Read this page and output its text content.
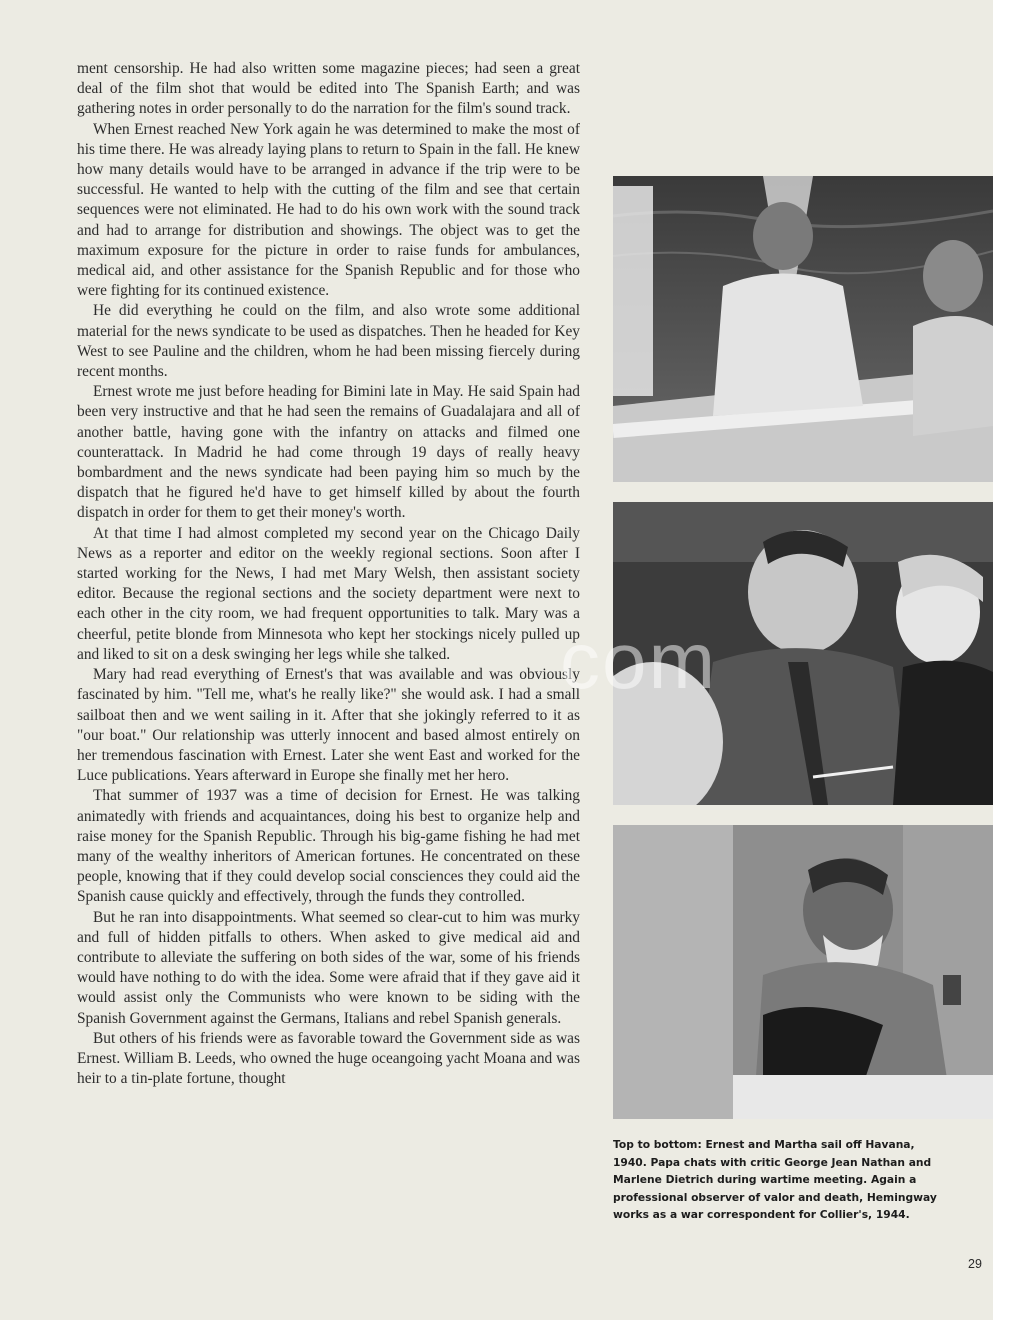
ment censorship. He had also written some magazine pieces; had seen a great deal of the film shot that would be edited into The Spanish Earth; and was gathering notes in order personally to do the narration for the film's sound track.

When Ernest reached New York again he was determined to make the most of his time there. He was already laying plans to return to Spain in the fall. He knew how many details would have to be arranged in advance if the trip were to be successful. He wanted to help with the cutting of the film and see that certain sequences were not eliminated. He had to do his own work with the sound track and had to arrange for distribution and showings. The object was to get the maximum exposure for the picture in order to raise funds for ambulances, medical aid, and other assistance for the Spanish Republic and for those who were fighting for its continued existence.

He did everything he could on the film, and also wrote some additional material for the news syndicate to be used as dispatches. Then he headed for Key West to see Pauline and the children, whom he had been missing fiercely during recent months.

Ernest wrote me just before heading for Bimini late in May. He said Spain had been very instructive and that he had seen the remains of Guadalajara and all of another battle, having gone with the infantry on attacks and filmed one counterattack. In Madrid he had come through 19 days of really heavy bombardment and the news syndicate had been paying him so much by the dispatch that he figured he'd have to get himself killed by about the fourth dispatch in order for them to get their money's worth.

At that time I had almost completed my second year on the Chicago Daily News as a reporter and editor on the weekly regional sections. Soon after I started working for the News, I had met Mary Welsh, then assistant society editor. Because the regional sections and the society department were next to each other in the city room, we had frequent opportunities to talk. Mary was a cheerful, petite blonde from Minnesota who kept her stockings nicely pulled up and liked to sit on a desk swinging her legs while she talked.

Mary had read everything of Ernest's that was available and was obviously fascinated by him. "Tell me, what's he really like?" she would ask. I had a small sailboat then and we went sailing in it. After that she jokingly referred to it as "our boat." Our relationship was utterly innocent and based almost entirely on her tremendous fascination with Ernest. Later she went East and worked for the Luce publications. Years afterward in Europe she finally met her hero.

That summer of 1937 was a time of decision for Ernest. He was talking animatedly with friends and acquaintances, doing his best to organize help and raise money for the Spanish Republic. Through his big-game fishing he had met many of the wealthy inheritors of American fortunes. He concentrated on these people, knowing that if they could develop social consciences they could aid the Spanish cause quickly and effectively, through the funds they controlled.

But he ran into disappointments. What seemed so clear-cut to him was murky and full of hidden pitfalls to others. When asked to give medical aid and contribute to alleviate the suffering on both sides of the war, some of his friends would have nothing to do with the idea. Some were afraid that if they gave aid it would assist only the Communists who were known to be siding with the Spanish Government against the Germans, Italians and rebel Spanish generals.

But others of his friends were as favorable toward the Government side as was Ernest. William B. Leeds, who owned the huge oceangoing yacht Moana and was heir to a tin-plate fortune, thought

Top to bottom: Ernest and Martha sail off Havana, 1940. Papa chats with critic George Jean Nathan and Marlene Dietrich during wartime meeting. Again a professional observer of valor and death, Hemingway works as a war correspondent for Collier's, 1944.
com
29
